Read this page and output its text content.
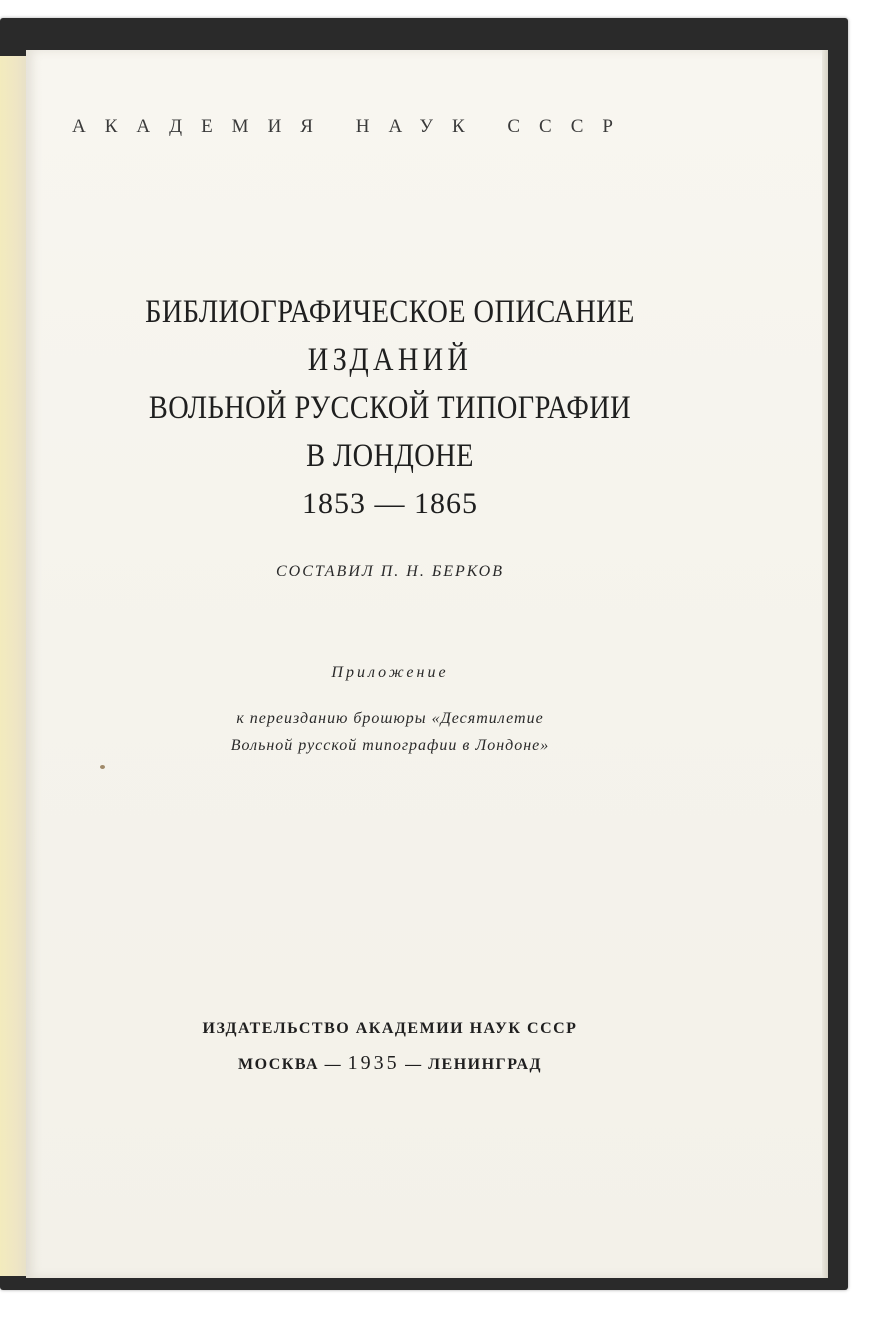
АКАДЕМИЯ НАУК СССР
БИБЛИОГРАФИЧЕСКОЕ ОПИСАНИЕ
ИЗДАНИЙ
ВОЛЬНОЙ РУССКОЙ ТИПОГРАФИИ
В ЛОНДОНЕ
1853 — 1865
СОСТАВИЛ П. Н. БЕРКОВ
Приложение
к переизданию брошюры «Десятилетие
Вольной русской типографии в Лондоне»
ИЗДАТЕЛЬСТВО АКАДЕМИИ НАУК СССР
МОСКВА — 1935 — ЛЕНИНГРАД
